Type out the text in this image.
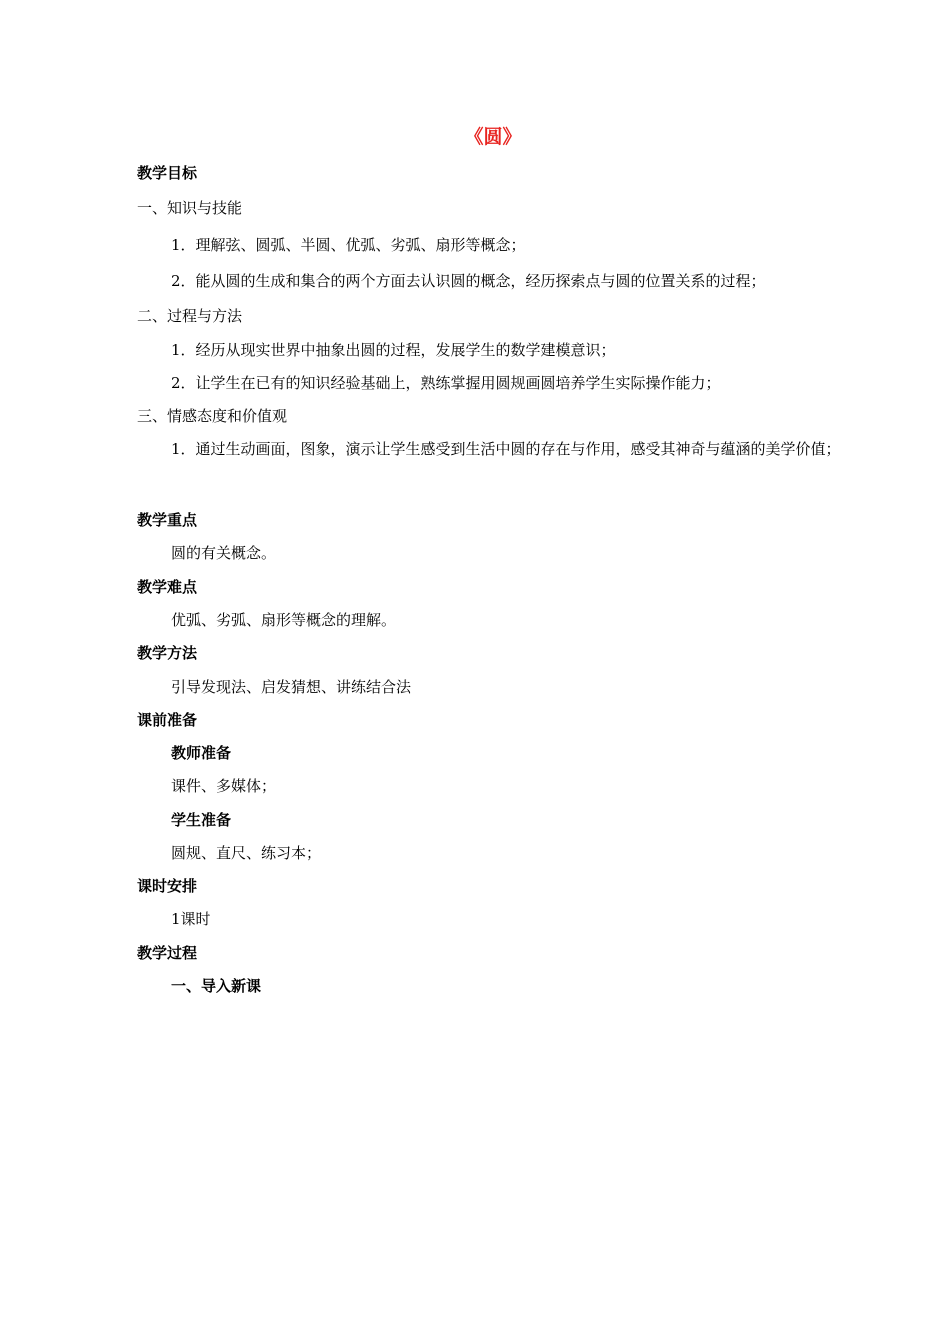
《圆》
教学目标
一、知识与技能
1．理解弦、圆弧、半圆、优弧、劣弧、扇形等概念；
2．能从圆的生成和集合的两个方面去认识圆的概念，经历探索点与圆的位置关系的过程；
二、过程与方法
1．经历从现实世界中抽象出圆的过程，发展学生的数学建模意识；
2．让学生在已有的知识经验基础上，熟练掌握用圆规画圆培养学生实际操作能力；
三、情感态度和价值观
1．通过生动画面，图象，演示让学生感受到生活中圆的存在与作用，感受其神奇与蕴涵的美学价值；
教学重点
圆的有关概念。
教学难点
优弧、劣弧、扇形等概念的理解。
教学方法
引导发现法、启发猜想、讲练结合法
课前准备
教师准备
课件、多媒体；
学生准备
圆规、直尺、练习本；
课时安排
1课时
教学过程
一、导入新课
